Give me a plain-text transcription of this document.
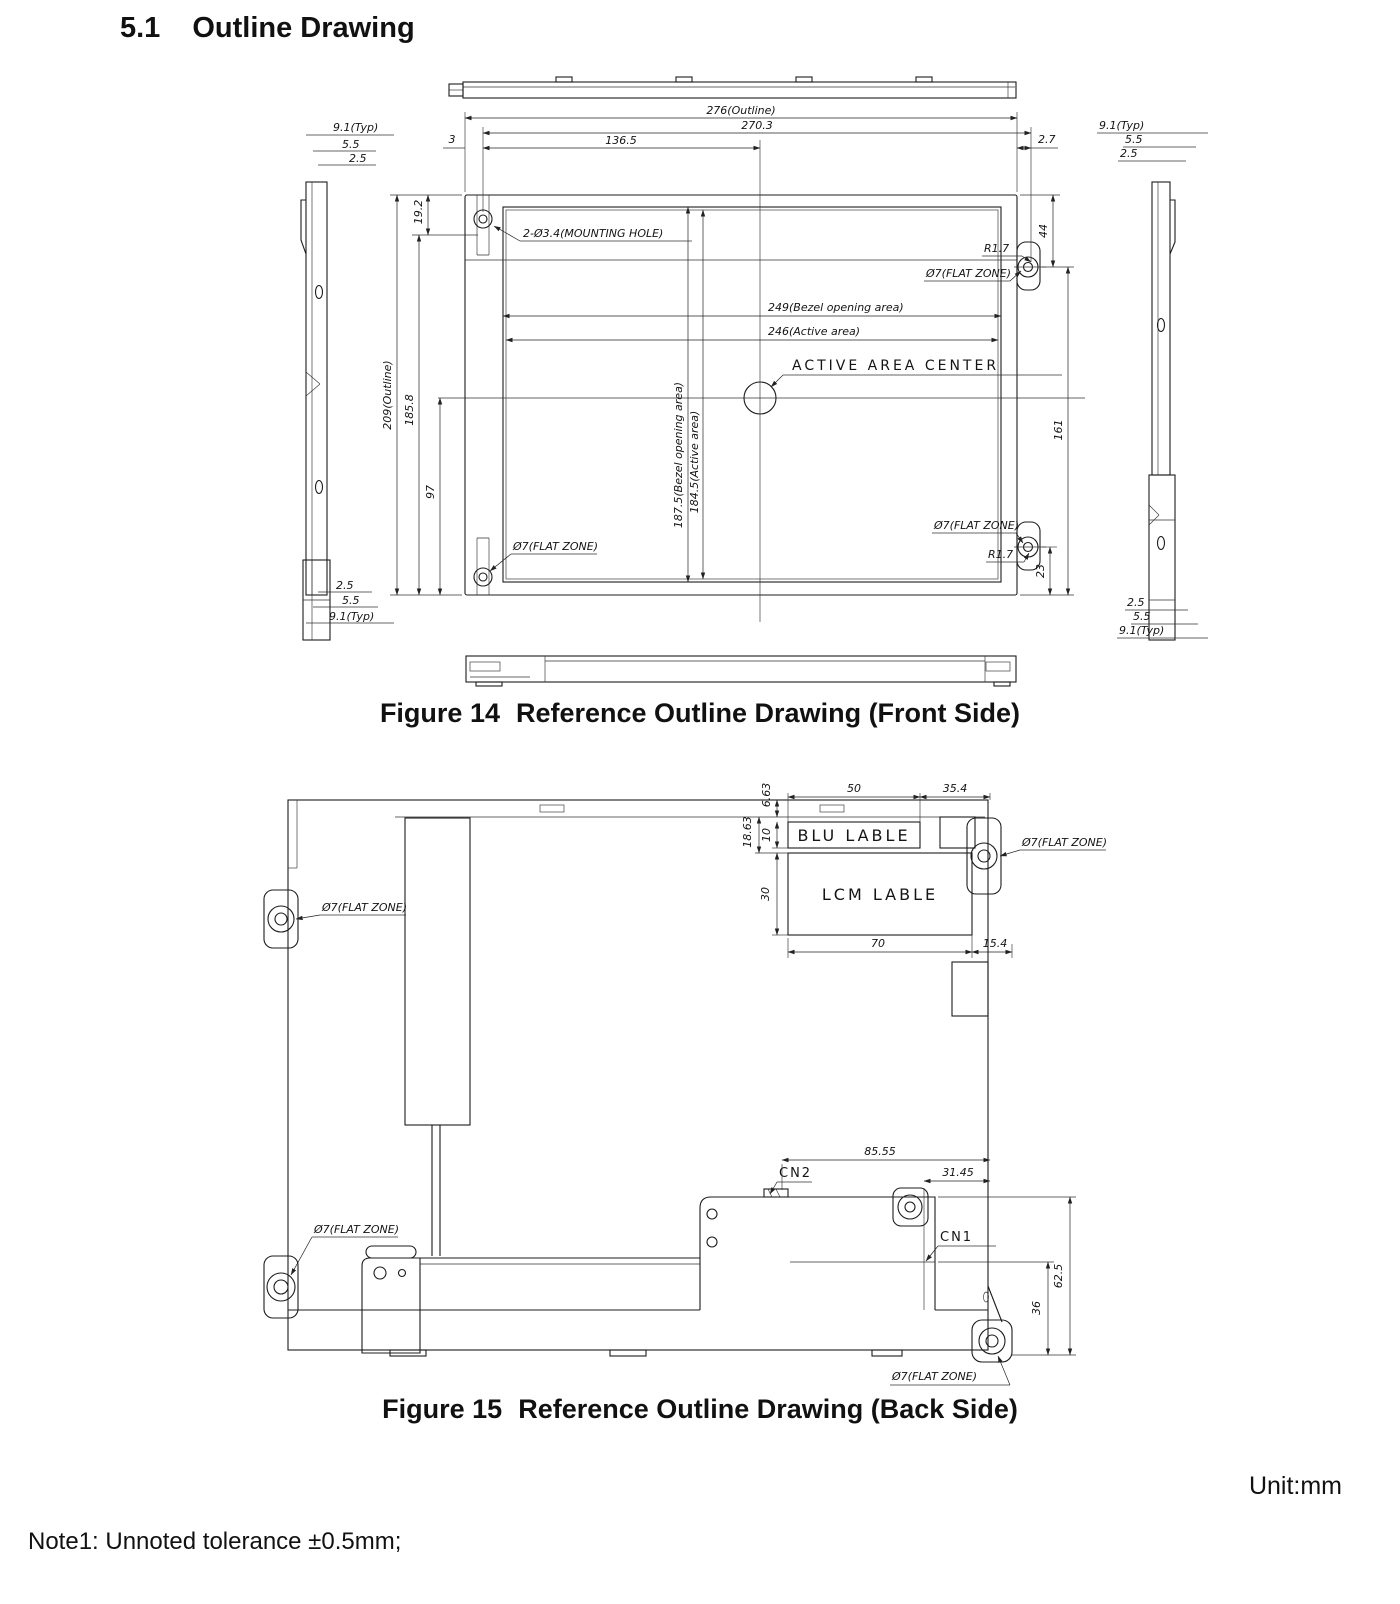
5.1 Outline Drawing
9.1(Typ)
5.5
2.5
2.5
5.5
9.1(Typ)
187.5(Bezel opening area) 184.5(Active area)
249(Bezel opening area)
246(Active area)
ACTIVE AREA CENTER
2-Ø3.4(MOUNTING HOLE)
R1.7
Ø7(FLAT ZONE)
Ø7(FLAT ZONE)
R1.7
Ø7(FLAT ZONE)
276(Outline)
270.3
136.5
3	2.7
209(Outline) 185.8
97
19.2
44
161
23
9.1(Typ)
5.5
2.5
2.5
5.5
9.1(Typ)
BLU LABLE
LCM LABLE
Ø7(FLAT ZONE)
Ø7(FLAT ZONE)
Ø7(FLAT ZONE)
Ø7(FLAT ZONE)
CN2
CN1
50	35.4
6.63
18.63 10
30
70	15.4
85.55
31.45
62.5
36
Figure 14 Reference Outline Drawing (Front Side)
Figure 15 Reference Outline Drawing (Back Side)
Unit:mm
Note1: Unnoted tolerance ±0.5mm;
